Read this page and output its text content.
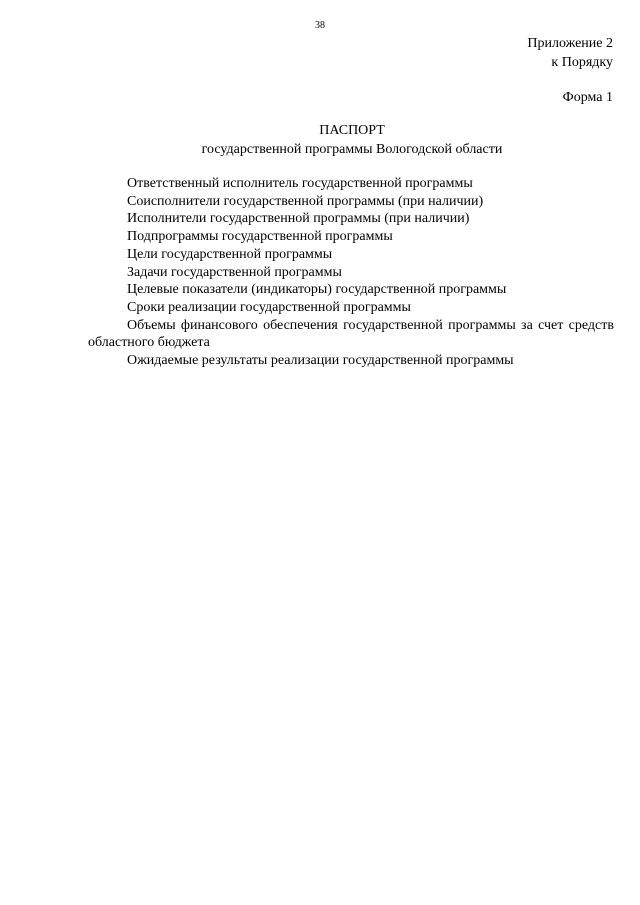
38
Приложение 2
к Порядку
Форма 1
ПАСПОРТ
государственной программы Вологодской области
Ответственный исполнитель государственной программы
Соисполнители государственной программы (при наличии)
Исполнители государственной программы (при наличии)
Подпрограммы государственной программы
Цели государственной программы
Задачи государственной программы
Целевые показатели (индикаторы) государственной программы
Сроки реализации государственной программы
Объемы финансового обеспечения государственной программы за счет средств областного бюджета
Ожидаемые результаты реализации государственной программы
